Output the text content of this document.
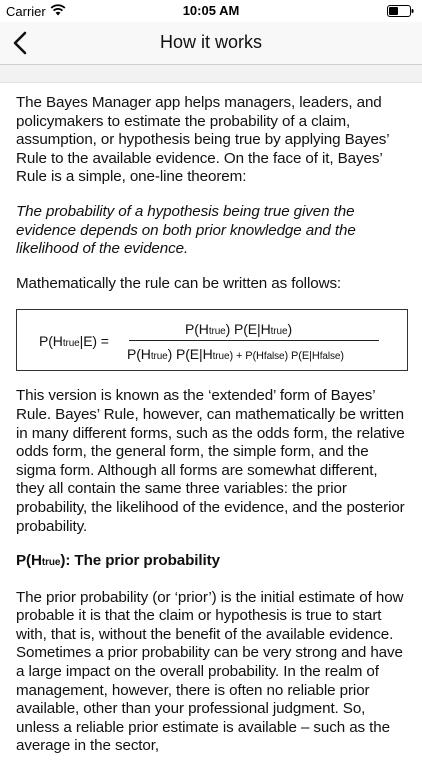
Carrier	10:05 AM
How it works

The Bayes Manager app helps managers, leaders, and policymakers to estimate the probability of a claim, assumption, or hypothesis being true by applying Bayes’ Rule to the available evidence. On the face of it, Bayes’ Rule is a simple, one-line theorem:

The probability of a hypothesis being true given the evidence depends on both prior knowledge and the likelihood of the evidence.

Mathematically the rule can be written as follows:

P(Htrue|E) =
P(Htrue) P(E|Htrue)
P(Htrue) P(E|Htrue) + P(Hfalse) P(E|Hfalse)

This version is known as the ‘extended’ form of Bayes’ Rule. Bayes’ Rule, however, can mathematically be written in many different forms, such as the odds form, the relative odds form, the general form, the simple form, and the sigma form. Although all forms are somewhat different, they all contain the same three variables: the prior probability, the likelihood of the evidence, and the posterior probability.

P(Htrue): The prior probability

The prior probability (or ‘prior’) is the initial estimate of how probable it is that the claim or hypothesis is true to start with, that is, without the benefit of the available evidence. Sometimes a prior probability can be very strong and have a large impact on the overall probability. In the realm of management, however, there is often no reliable prior available, other than your professional judgment. So, unless a reliable prior estimate is available – such as the average in the sector,
